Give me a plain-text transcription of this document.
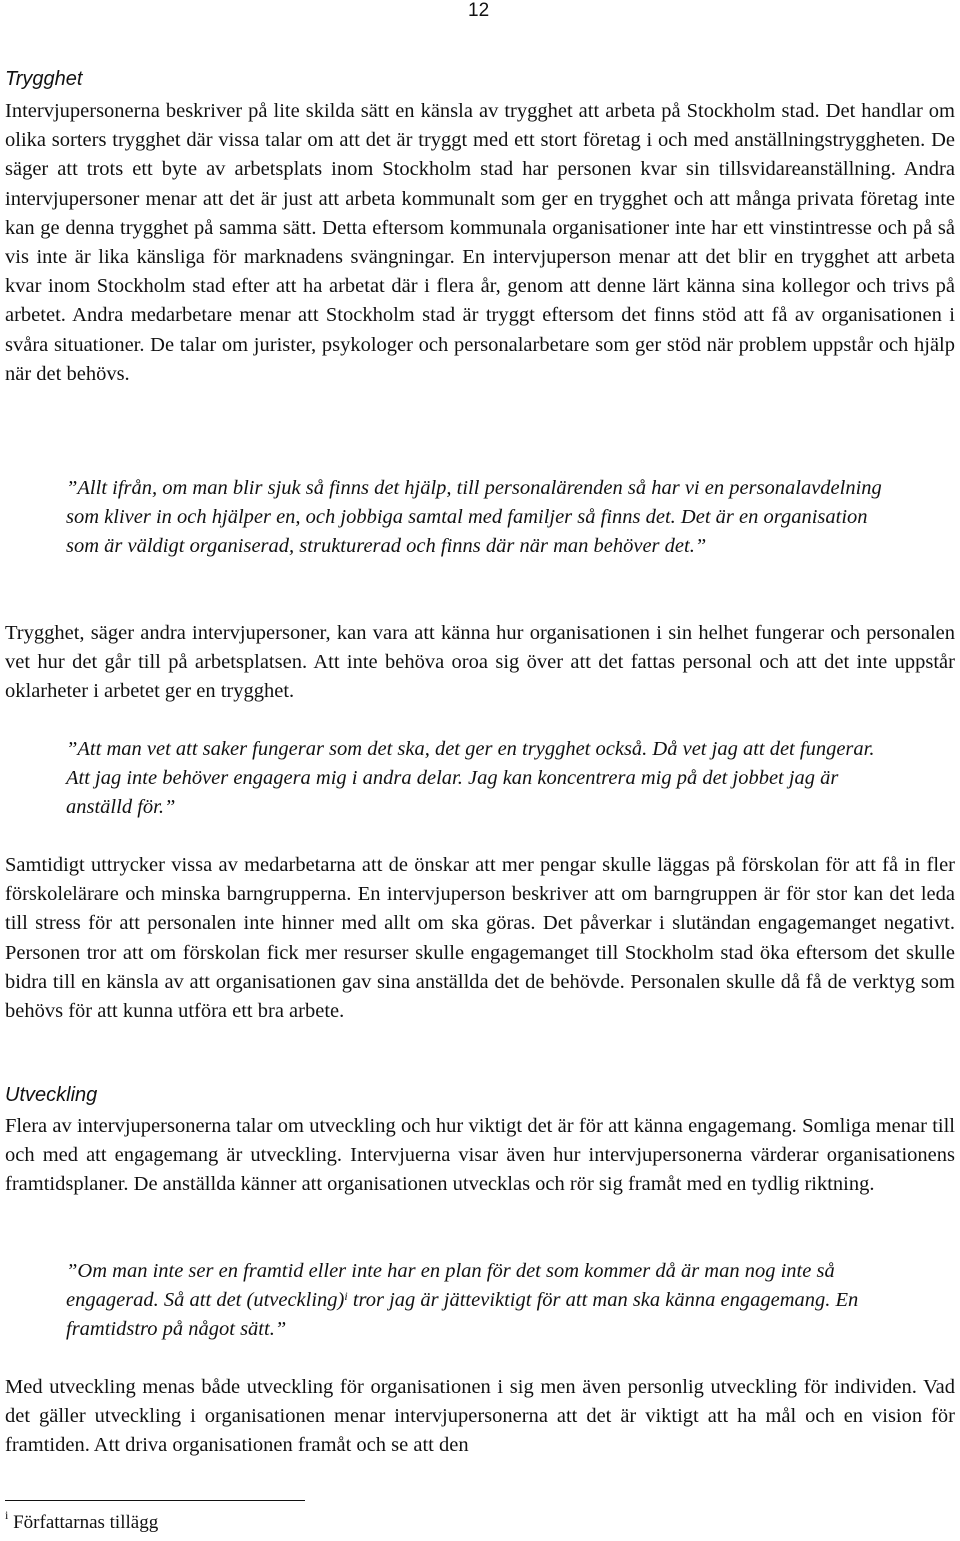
12
Trygghet

Intervjupersonerna beskriver på lite skilda sätt en känsla av trygghet att arbeta på Stockholm stad. Det handlar om olika sorters trygghet där vissa talar om att det är tryggt med ett stort företag i och med anställningstryggheten. De säger att trots ett byte av arbetsplats inom Stockholm stad har personen kvar sin tillsvidareanställning. Andra intervjupersoner menar att det är just att arbeta kommunalt som ger en trygghet och att många privata företag inte kan ge denna trygghet på samma sätt. Detta eftersom kommunala organisationer inte har ett vinstintresse och på så vis inte är lika känsliga för marknadens svängningar. En intervjuperson menar att det blir en trygghet att arbeta kvar inom Stockholm stad efter att ha arbetat där i flera år, genom att denne lärt känna sina kollegor och trivs på arbetet. Andra medarbetare menar att Stockholm stad är tryggt eftersom det finns stöd att få av organisationen i svåra situationer. De talar om jurister, psykologer och personalarbetare som ger stöd när problem uppstår och hjälp när det behövs.

”Allt ifrån, om man blir sjuk så finns det hjälp, till personalärenden så har vi en personalavdelning som kliver in och hjälper en, och jobbiga samtal med familjer så finns det. Det är en organisation som är väldigt organiserad, strukturerad och finns där när man behöver det.”

Trygghet, säger andra intervjupersoner, kan vara att känna hur organisationen i sin helhet fungerar och personalen vet hur det går till på arbetsplatsen. Att inte behöva oroa sig över att det fattas personal och att det inte uppstår oklarheter i arbetet ger en trygghet.

”Att man vet att saker fungerar som det ska, det ger en trygghet också. Då vet jag att det fungerar. Att jag inte behöver engagera mig i andra delar. Jag kan koncentrera mig på det jobbet jag är anställd för.”

Samtidigt uttrycker vissa av medarbetarna att de önskar att mer pengar skulle läggas på förskolan för att få in fler förskolelärare och minska barngrupperna. En intervjuperson beskriver att om barngruppen är för stor kan det leda till stress för att personalen inte hinner med allt om ska göras. Det påverkar i slutändan engagemanget negativt. Personen tror att om förskolan fick mer resurser skulle engagemanget till Stockholm stad öka eftersom det skulle bidra till en känsla av att organisationen gav sina anställda det de behövde. Personalen skulle då få de verktyg som behövs för att kunna utföra ett bra arbete.

Utveckling

Flera av intervjupersonerna talar om utveckling och hur viktigt det är för att känna engagemang. Somliga menar till och med att engagemang är utveckling. Intervjuerna visar även hur intervjupersonerna värderar organisationens framtidsplaner. De anställda känner att organisationen utvecklas och rör sig framåt med en tydlig riktning.

”Om man inte ser en framtid eller inte har en plan för det som kommer då är man nog inte så engagerad. Så att det (utveckling)$^i$ tror jag är jätteviktigt för att man ska känna engagemang. En framtidstro på något sätt.”

Med utveckling menas både utveckling för organisationen i sig men även personlig utveckling för individen. Vad det gäller utveckling i organisationen menar intervjupersonerna att det är viktigt att ha mål och en vision för framtiden. Att driva organisationen framåt och se att den

$^i$ Författarnas tillägg
